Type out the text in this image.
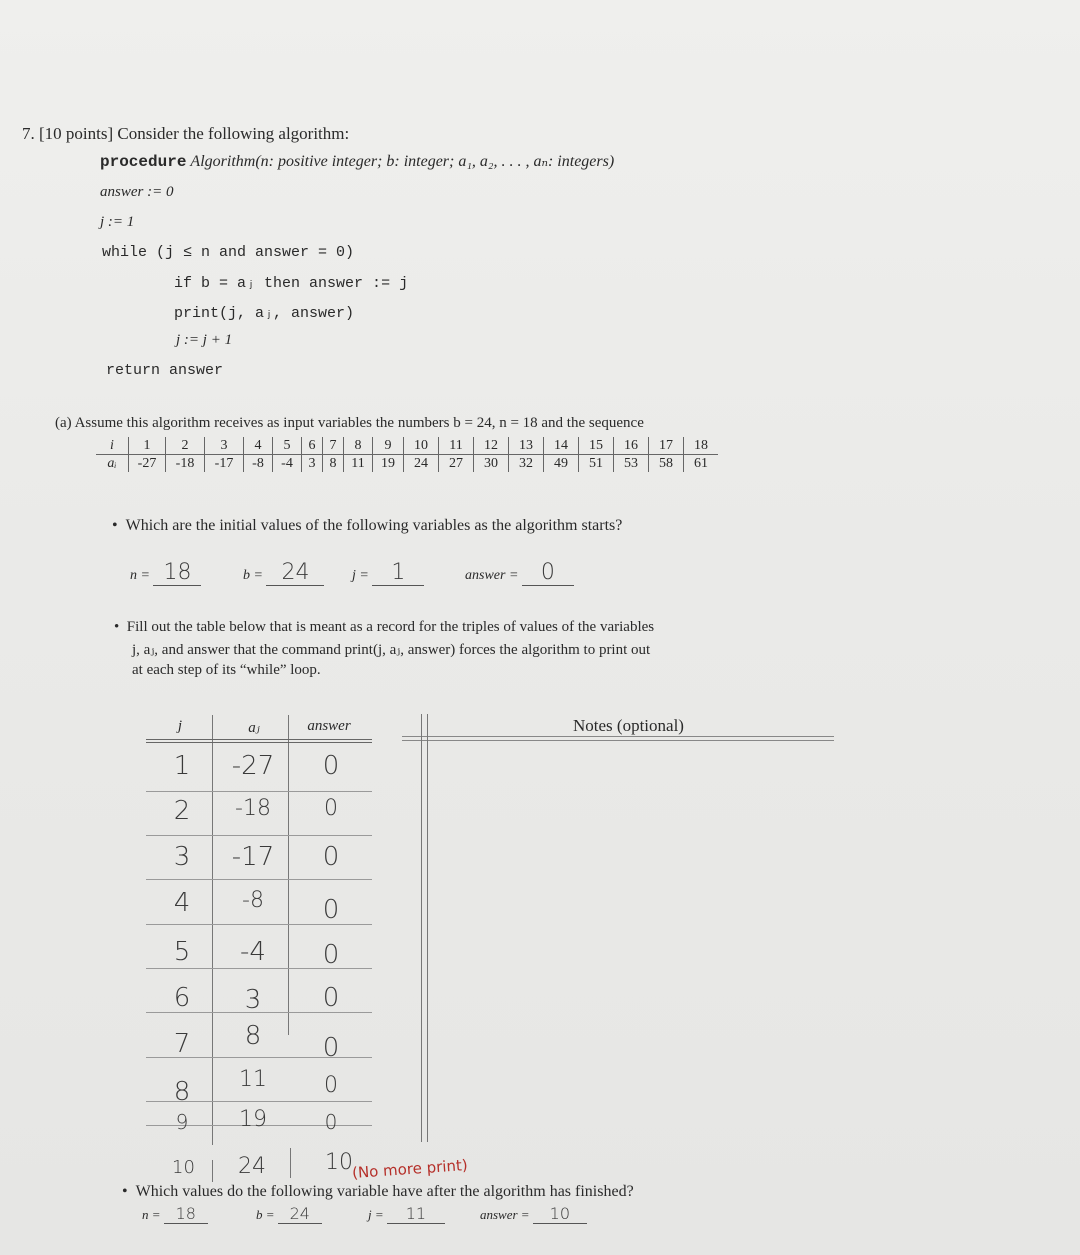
7. [10 points] Consider the following algorithm:
procedure Algorithm(n: positive integer; b: integer; a₁, a₂, . . . , aₙ: integers)
answer := 0
j := 1
while (j ≤ n and answer = 0)
if b = aⱼ then answer := j
print(j, aⱼ, answer)
j := j + 1
return answer
(a) Assume this algorithm receives as input variables the numbers b = 24, n = 18 and the sequence
i	1	2	3	4	5	6	7	8	9	10	11	12	13	14	15	16	17	18
aᵢ	-27	-18	-17	-8	-4	3	8	11	19	24	27	30	32	49	51	53	58	61
•  Which are the initial values of the following variables as the algorithm starts?
n = 18	b = 24	j = 1	answer = 0
•  Fill out the table below that is meant as a record for the triples of values of the variables
j, aⱼ, and answer that the command print(j, aⱼ, answer) forces the algorithm to print out
at each step of its “while” loop.
j	aⱼ	answer
1	-27	0
2	-18	0
3	-17	0
4	-8	0
5	-4	0
6	3	0
7	8	0
8	11	0
9	19	0
10 24	10
(No more print)
Notes (optional)
•  Which values do the following variable have after the algorithm has finished?
n = 18	b = 24	j = 11	answer = 10
